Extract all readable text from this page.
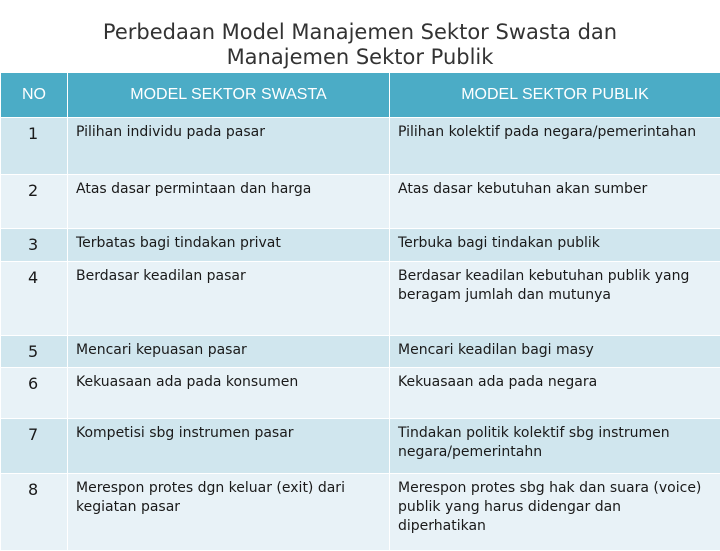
Perbedaan Model Manajemen Sektor Swasta dan
Manajemen Sektor Publik
NO	MODEL SEKTOR SWASTA	MODEL SEKTOR PUBLIK
1	Pilihan individu pada pasar	Pilihan kolektif pada negara/pemerintahan
2	Atas dasar permintaan dan harga	Atas dasar kebutuhan akan sumber
3	Terbatas bagi tindakan privat	Terbuka bagi tindakan publik
4	Berdasar keadilan pasar	Berdasar keadilan kebutuhan publik yang beragam jumlah dan mutunya
5	Mencari kepuasan pasar	Mencari keadilan bagi masy
6	Kekuasaan ada pada konsumen	Kekuasaan ada pada negara
7	Kompetisi sbg instrumen pasar	Tindakan politik kolektif sbg instrumen negara/pemerintahn
8	Merespon protes dgn keluar (exit) dari kegiatan pasar	Merespon protes sbg hak dan suara (voice) publik yang harus didengar dan diperhatikan
